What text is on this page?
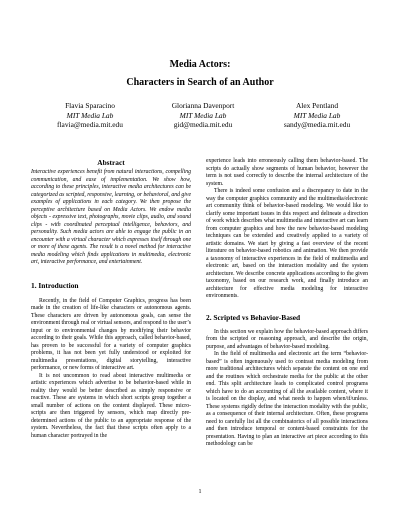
Media Actors:
Characters in Search of an Author
Flavia Sparacino
MIT Media Lab
flavia@media.mit.edu
Glorianna Davenport
MIT Media Lab
gid@media.mit.edu
Alex Pentland
MIT Media Lab
sandy@media.mit.edu
Abstract

Interactive experiences benefit from natural interactions, compelling communication, and ease of implementation. We show how, according to these principles, interactive media architectures can be categorized as scripted, responsive, learning, or behavioral, and give examples of applications in each category. We then propose the perceptive architecture based on Media Actors. We endow media objects - expressive text, photographs, movie clips, audio, and sound clips - with coordinated perceptual intelligence, behaviors, and personality. Such media actors are able to engage the public in an encounter with a virtual character which expresses itself through one or more of these agents. The result is a novel method for interactive media modeling which finds applications in multimedia, electronic art, interactive performance, and entertainment.

1. Introduction

Recently, in the field of Computer Graphics, progress has been made in the creation of life-like characters or autonomous agents. These characters are driven by autonomous goals, can sense the environment through real or virtual sensors, and respond to the user’s input or to environmental changes by modifying their behavior according to their goals. While this approach, called behavior-based, has proven to be successful for a variety of computer graphics problems, it has not been yet fully understood or exploited for multimedia presentations, digital storytelling, interactive performance, or new forms of interactive art.

It is not uncommon to read about interactive multimedia or artistic experiences which advertise to be behavior-based while in reality they would be better described as simply responsive or reactive. These are systems in which short scripts group together a small number of actions on the content displayed. These micro-scripts are then triggered by sensors, which map directly pre-determined actions of the public to an appropriate response of the system. Nevertheless, the fact that these scripts often apply to a human character portrayed in the

experience leads into erroneously calling them behavior-based. The scripts do actually show segments of human behavior, however the term is not used correctly to describe the internal architecture of the system.

There is indeed some confusion and a discrepancy to date in the way the computer graphics community and the multimedia/electronic art community think of behavior-based modeling. We would like to clarify some important issues in this respect and delineate a direction of work which describes what multimedia and interactive art can learn from computer graphics and how the new behavior-based modeling techniques can be extended and creatively applied to a variety of artistic domains. We start by giving a fast overview of the recent literature on behavior-based robotics and animation. We then provide a taxonomy of interactive experiences in the field of multimedia and electronic art, based on the interaction modality and the system architecture. We describe concrete applications according to the given taxonomy, based on our research work, and finally introduce an architecture for effective media modeling for interactive environments.

2. Scripted vs Behavior-Based

In this section we explain how the behavior-based approach differs from the scripted or reasoning approach, and describe the origin, purpose, and advantages of behavior-based modeling.

In the field of multimedia and electronic art the term “behavior-based” is often ingenuously used to contrast media modeling from more traditional architectures which separate the content on one end and the routines which orchestrate media for the public at the other end. This split architecture leads to complicated control programs which have to do an accounting of all the available content, where it is located on the display, and what needs to happen when/if/unless. These systems rigidly define the interaction modality with the public, as a consequence of their internal architecture. Often, these programs need to carefully list all the combinatorics of all possible interactions and then introduce temporal or content-based constraints for the presentation. Having to plan an interactive art piece according to this methodology can be

1
